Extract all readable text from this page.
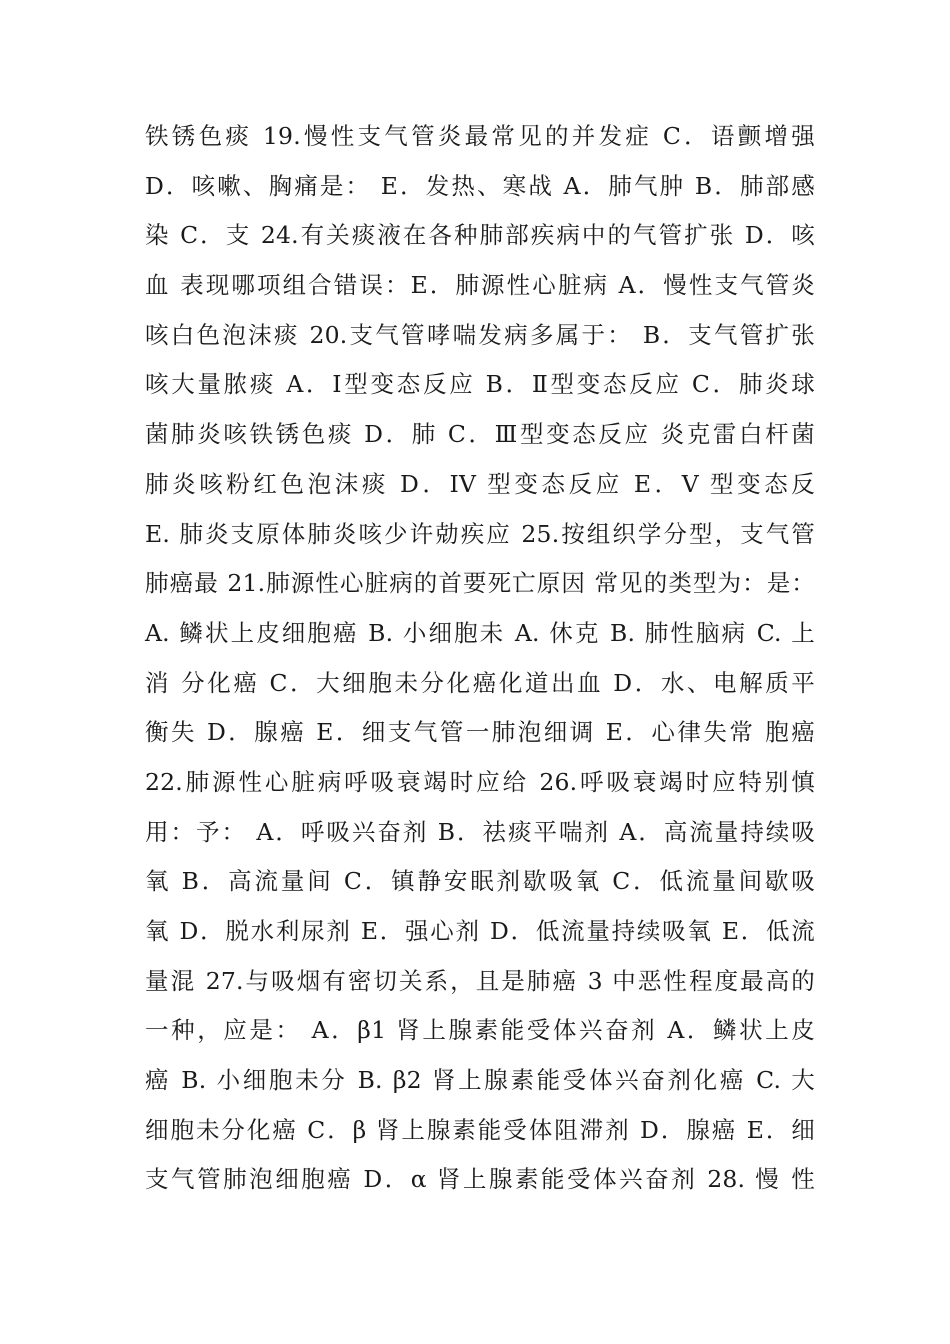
铁锈色痰 19.慢性支气管炎最常见的并发症 C．语颤增强
D．咳嗽、胸痛是： E．发热、寒战 A．肺气肿 B．肺部感
染 C．支 24.有关痰液在各种肺部疾病中的气管扩张 D．咳
血 表现哪项组合错误：E．肺源性心脏病 A．慢性支气管炎
咳白色泡沫痰 20.支气管哮喘发病多属于： B．支气管扩张
咳大量脓痰 A．Ⅰ型变态反应 B．Ⅱ型变态反应 C．肺炎球
菌肺炎咳铁锈色痰 D．肺 C．Ⅲ型变态反应 炎克雷白杆菌
肺炎咳粉红色泡沫痰 D．IV 型变态反应 E．V 型变态反
E. 肺炎支原体肺炎咳少许勀疾应 25.按组织学分型，支气管
肺癌最 21.肺源性心脏病的首要死亡原因 常见的类型为：是：
A. 鳞状上皮细胞癌 B. 小细胞未 A. 休克 B. 肺性脑病 C. 上
消 分化癌 C．大细胞未分化癌化道出血 D．水、电解质平
衡失 D．腺癌 E．细支气管一肺泡细调 E．心律失常 胞癌
22.肺源性心脏病呼吸衰竭时应给 26.呼吸衰竭时应特别慎
用：予： A．呼吸兴奋剂 B．祛痰平喘剂 A．高流量持续吸
氧 B．高流量间 C．镇静安眠剂歇吸氧 C．低流量间歇吸
氧 D．脱水利尿剂 E．强心剂 D．低流量持续吸氧 E．低流
量混 27.与吸烟有密切关系，且是肺癌 3 中恶性程度最高的
一种，应是： A．β1 肾上腺素能受体兴奋剂 A．鳞状上皮
癌 B. 小细胞未分 B. β2 肾上腺素能受体兴奋剂化癌 C. 大
细胞未分化癌 C．β 肾上腺素能受体阻滞剂 D．腺癌 E．细
支气管肺泡细胞癌 D．α 肾上腺素能受体兴奋剂 28. 慢 性
